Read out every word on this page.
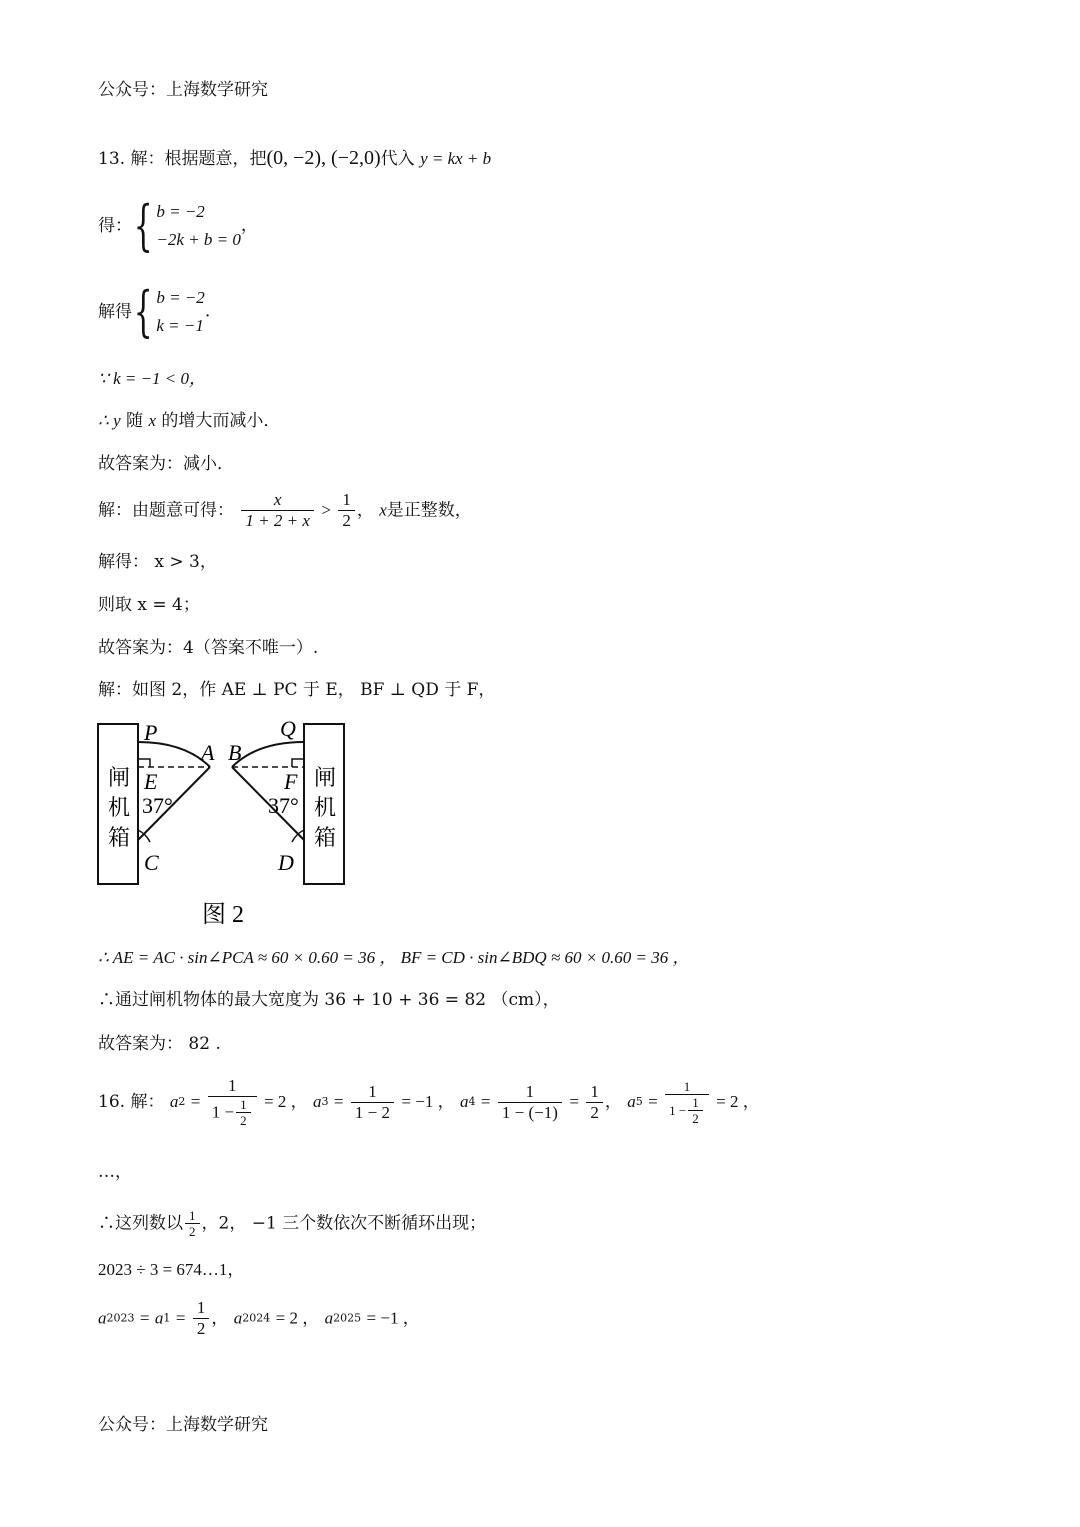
公众号：上海数学研究
13. 解：根据题意，把(0, −2), (−2,0)代入 y = kx + b
得：{ b = −2
−2k + b = 0
，
解得{ b = −2
k = −1
.
∵ k = −1 < 0，
∴ y 随 x 的增大而减小．
故答案为：减小．
解：由题意可得： $\frac{x}{1 + 2 + x} > \frac{1}{2}$ ， x是正整数，
解得： x > 3，
则取 x = 4；
故答案为：4（答案不唯一）.
解：如图 2，作 AE ⊥ PC 于 E， BF ⊥ QD 于 F，
闸
机
箱
P
A
E
37°
C
闸
机
箱
Q
B
F
37°
D
图 2
∴ AE = AC · sin∠PCA ≈ 60 × 0.60 = 36 ， BF = CD · sin∠BDQ ≈ 60 × 0.60 = 36 ，
∴通过闸机物体的最大宽度为 36 + 10 + 36 = 82 （cm），
故答案为： 82 .
16. 解： $a2 = \frac{1}{1 - \frac{1}{2}} = 2$ ， $a3 = \frac{1}{1 - 2} = -1$ ， $a4 = \frac{1}{1 - (-1)} = \frac{1}{2}$ ， $a5 = \frac{1}{1 - \frac{1}{2}} = 2$ ，
…，
∴这列数以 $\frac{1}{2}$ ，2， −1 三个数依次不断循环出现；
2023 ÷ 3 = 674…1，
$a2023 = a1 = \frac{1}{2}$ ， a2024 = 2 ， a2025 = −1 ，
公众号：上海数学研究
